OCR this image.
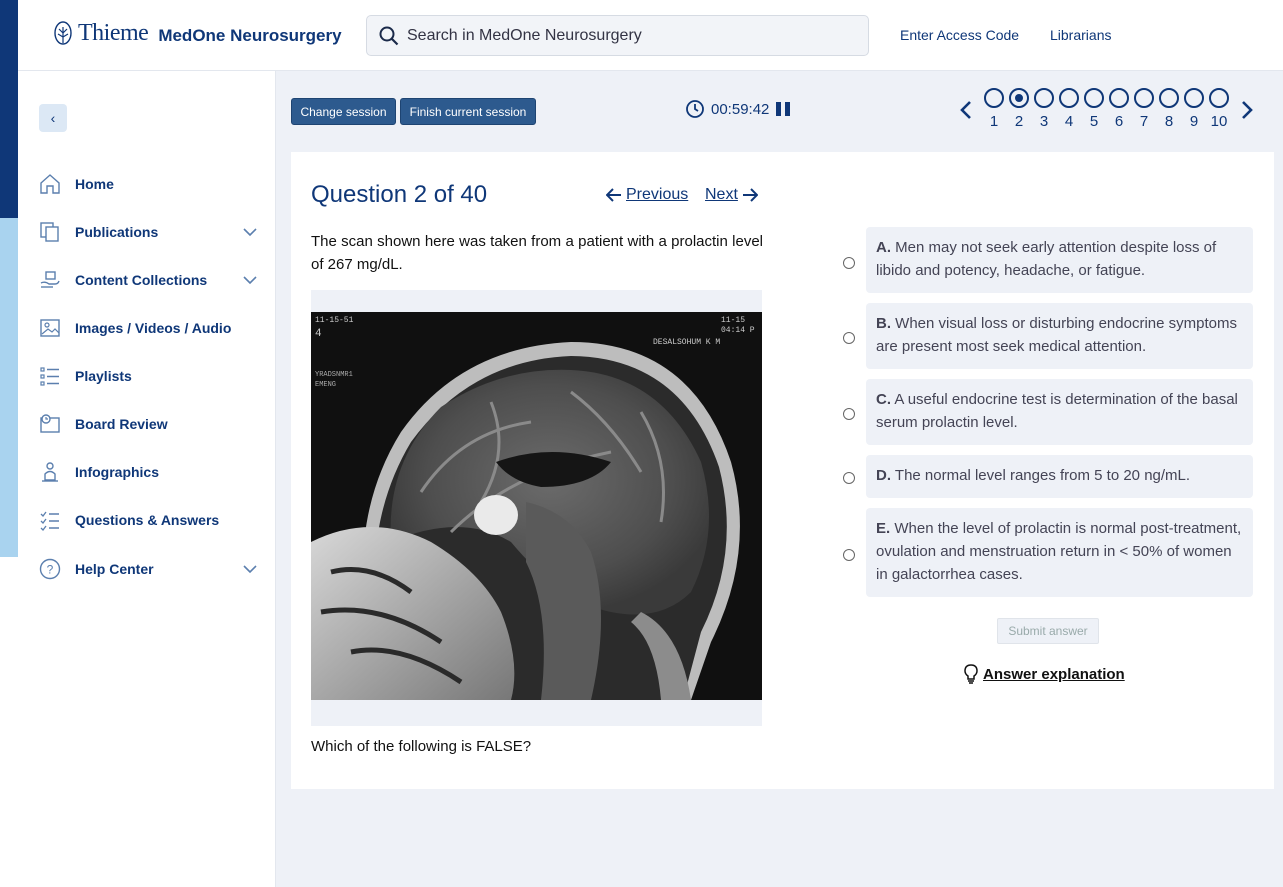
Thieme MedOne Neurosurgery	Search in MedOne Neurosurgery	Enter Access Code Librarians
‹
Home
Publications
Content Collections
Images / Videos / Audio
Playlists
Board Review
Infographics
Questions & Answers
? Help Center
Change session	Finish current session	00:59:42
1	2	3	4	5	6	7	8	9 10
Question 2 of 40	Previous Next

The scan shown here was taken from a patient with a prolactin level of 267 mg/dL.

11-15-51
4
11-15
04:14 P
DESALSOHUM K M
YRADSNMR1
EMENG

Which of the following is FALSE?

A. Men may not seek early attention despite loss of libido and potency, headache, or fatigue.
B. When visual loss or disturbing endocrine symptoms are present most seek medical attention.
C. A useful endocrine test is determination of the basal serum prolactin level.
D. The normal level ranges from 5 to 20 ng/mL.
E. When the level of prolactin is normal post-treatment, ovulation and menstruation return in < 50% of women in galactorrhea cases.
Submit answer
Answer explanation
